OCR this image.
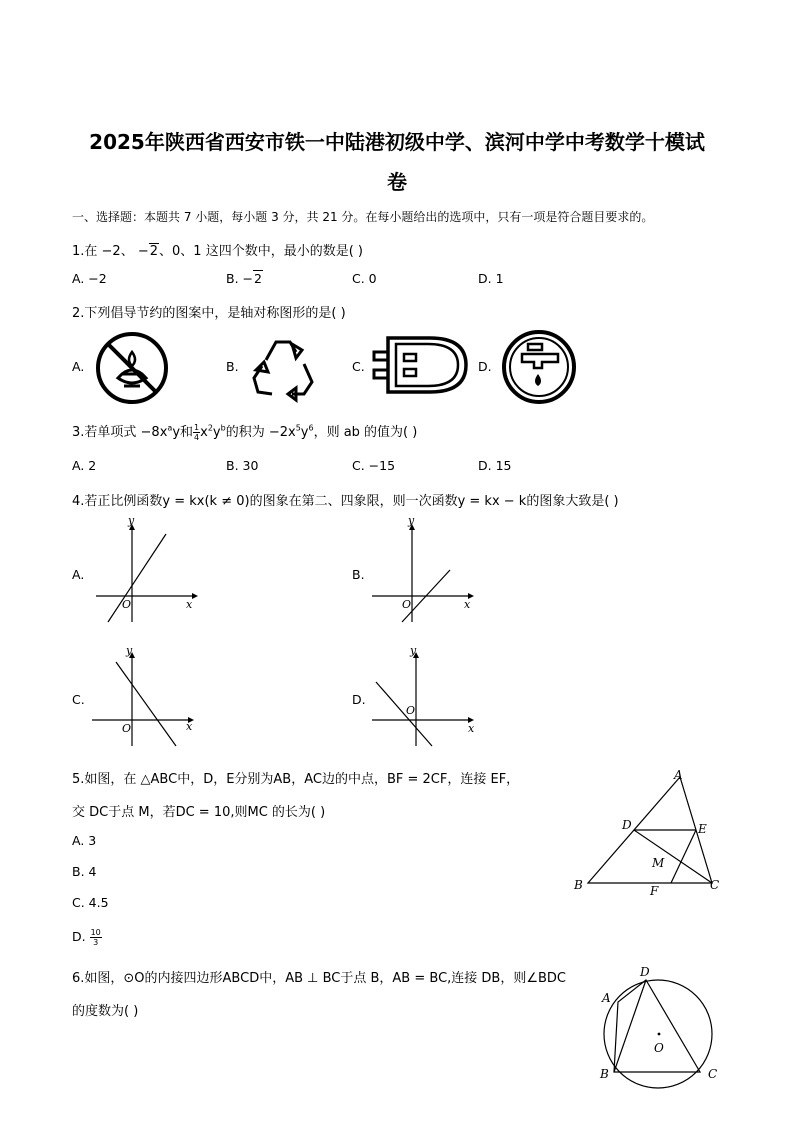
2025年陕西省西安市铁一中陆港初级中学、滨河中学中考数学十模试
卷
一、选择题：本题共 7 小题，每小题 3 分，共 21 分。在每小题给出的选项中，只有一项是符合题目要求的。
1.在 −2、 −2、0、1 这四个数中，最小的数是( )
A. −2	B. −2	C. 0	D. 1
2.下列倡导节约的图案中，是轴对称图形的是( )
A.	B.	C.	D.
3.若单项式 $-8x^ay$和 $\frac{1}{4} x^2y^b$的积为 $-2x^5y^6$，则 ab 的值为( )
A. 2	B. 30	C. −15	D. 15
4.若正比例函数y = kx(k ≠ 0)的图象在第二、四象限，则一次函数y = kx − k的图象大致是( )
A.
y
x
O
B.
y
x
O
C.
y
x
O
D.
y
x
O
5.如图，在 △ABC中，D，E分别为AB，AC边的中点，BF = 2CF，连接 EF，
交 DC于点 M，若DC = 10,则MC 的长为( )
A. 3
B. 4
C. 4.5
D. $\frac{10}{3}$
A
B	C
D	E
F
M
6.如图，⊙O的内接四边形ABCD中，AB ⊥ BC于点 B，AB = BC,连接 DB，则∠BDC
的度数为( )
D
A
B	C
O
